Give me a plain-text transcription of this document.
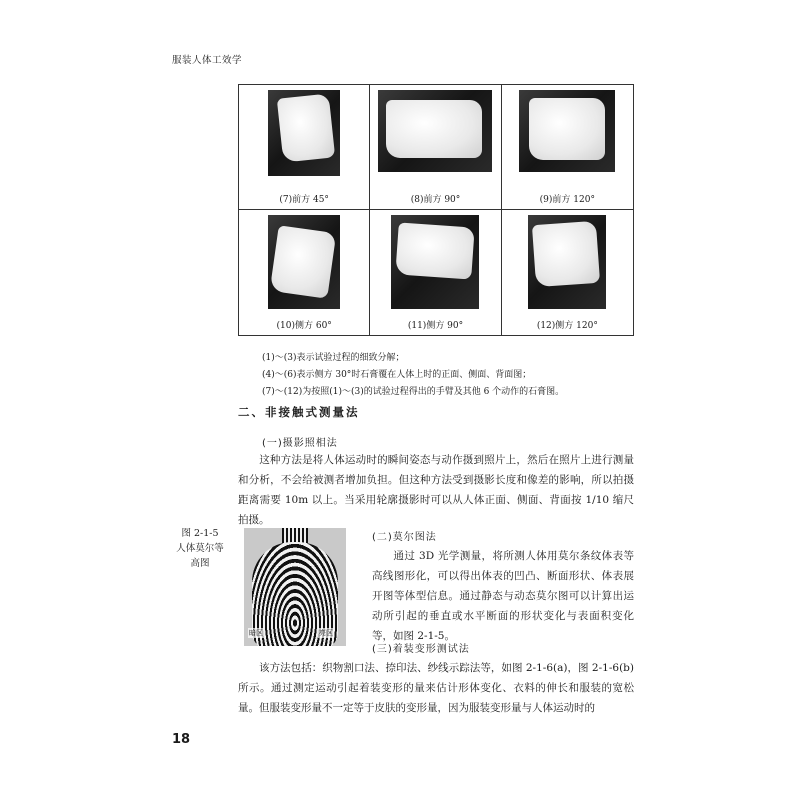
服装人体工效学
(7)前方 45°	(8)前方 90°	(9)前方 120°
(10)侧方 60°	(11)侧方 90°	(12)侧方 120°
(1)～(3)表示试验过程的细致分解；
(4)～(6)表示侧方 30°时石膏覆在人体上时的正面、侧面、背面图；
(7)～(12)为按照(1)～(3)的试验过程得出的手臂及其他 6 个动作的石膏图。
二、非接触式测量法
(一)摄影照相法
这种方法是将人体运动时的瞬间姿态与动作摄到照片上，然后在照片上进行测量和分析，不会给被测者增加负担。但这种方法受到摄影长度和像差的影响，所以拍摄距离需要 10m 以上。当采用轮廓摄影时可以从人体正面、侧面、背面按 1/10 缩尺拍摄。
图 2-1-5
人体莫尔等
高图
暗区	亮区
(二)莫尔图法
通过 3D 光学测量，将所测人体用莫尔条纹体表等高线图形化，可以得出体表的凹凸、断面形状、体表展开图等体型信息。通过静态与动态莫尔图可以计算出运动所引起的垂直或水平断面的形状变化与表面积变化等，如图 2-1-5。
(三)着装变形测试法
该方法包括：织物割口法、捺印法、纱线示踪法等，如图 2-1-6(a)，图 2-1-6(b)所示。通过测定运动引起着装变形的量来估计形体变化、衣料的伸长和服装的宽松量。但服装变形量不一定等于皮肤的变形量，因为服装变形量与人体运动时的
18
